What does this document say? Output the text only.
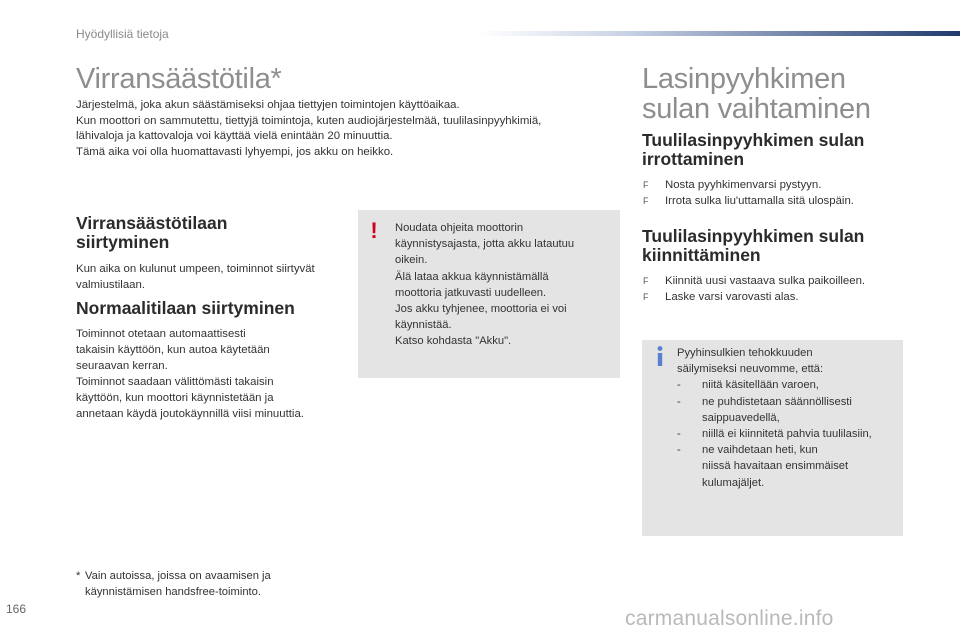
Hyödyllisiä tietoja
Virransäästötila*

Järjestelmä, joka akun säästämiseksi ohjaa tiettyjen toimintojen käyttöaikaa.

Kun moottori on sammutettu, tiettyjä toimintoja, kuten audiojärjestelmää, tuulilasinpyyhkimiä,

lähivaloja ja kattovaloja voi käyttää vielä enintään 20 minuuttia.

Tämä aika voi olla huomattavasti lyhyempi, jos akku on heikko.

Virransäästötilaan
siirtyminen

Kun aika on kulunut umpeen, toiminnot siirtyvät

valmiustilaan.

Normaalitilaan siirtyminen

Toiminnot otetaan automaattisesti

takaisin käyttöön, kun autoa käytetään

seuraavan kerran.

Toiminnot saadaan välittömästi takaisin

käyttöön, kun moottori käynnistetään ja

annetaan käydä joutokäynnillä viisi minuuttia.

! Noudata ohjeita moottorin

käynnistysajasta, jotta akku latautuu

oikein.

Älä lataa akkua käynnistämällä

moottoria jatkuvasti uudelleen.

Jos akku tyhjenee, moottoria ei voi

käynnistää.

Katso kohdasta "Akku".

* Vain autoissa, joissa on avaamisen ja
käynnistämisen handsfree-toiminto.
Lasinpyyhkimen
sulan vaihtaminen
Tuulilasinpyyhkimen sulan
irrottaminen
F Nosta pyyhkimenvarsi pystyyn.
F Irrota sulka liu'uttamalla sitä ulospäin.
Tuulilasinpyyhkimen sulan
kiinnittäminen
F Kiinnitä uusi vastaava sulka paikoilleen.
F Laske varsi varovasti alas.

Pyyhinsulkien tehokkuuden

säilymiseksi neuvomme, että:

- niitä käsitellään varoen,
- ne puhdistetaan säännöllisesti
saippuavedellä,
- niillä ei kiinnitetä pahvia tuulilasiin,
- ne vaihdetaan heti, kun
niissä havaitaan ensimmäiset
kulumajäljet.
166	carmanualsonline.info
